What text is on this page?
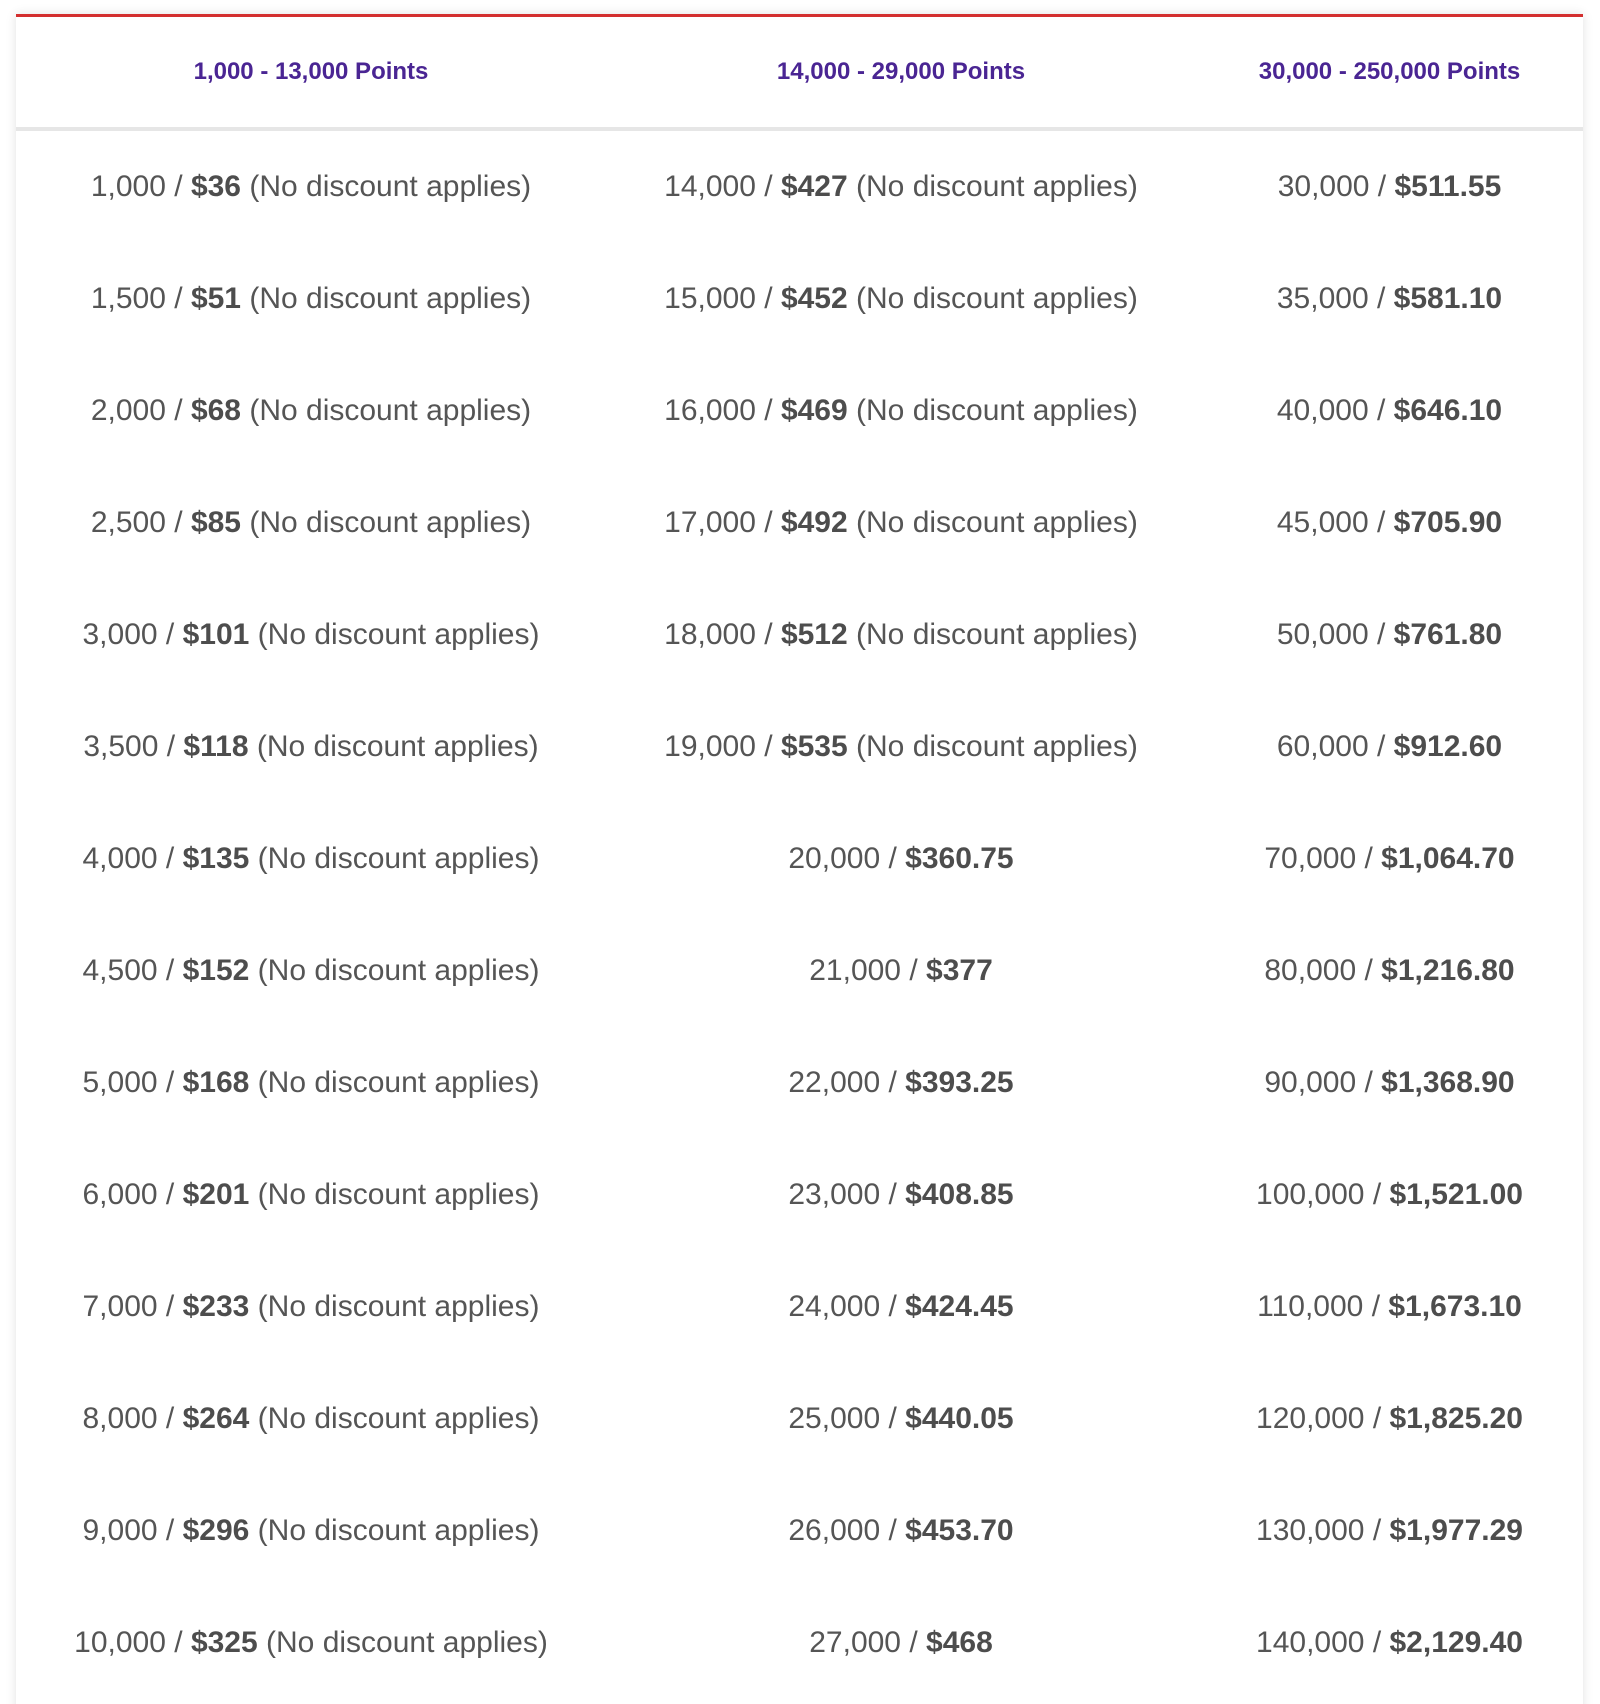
1,000 - 13,000 Points	14,000 - 29,000 Points	30,000 - 250,000 Points
1,000 / $36 (No discount applies)	14,000 / $427 (No discount applies)	30,000 / $511.55
1,500 / $51 (No discount applies)	15,000 / $452 (No discount applies)	35,000 / $581.10
2,000 / $68 (No discount applies)	16,000 / $469 (No discount applies)	40,000 / $646.10
2,500 / $85 (No discount applies)	17,000 / $492 (No discount applies)	45,000 / $705.90
3,000 / $101 (No discount applies)	18,000 / $512 (No discount applies)	50,000 / $761.80
3,500 / $118 (No discount applies)	19,000 / $535 (No discount applies)	60,000 / $912.60
4,000 / $135 (No discount applies)	20,000 / $360.75	70,000 / $1,064.70
4,500 / $152 (No discount applies)	21,000 / $377	80,000 / $1,216.80
5,000 / $168 (No discount applies)	22,000 / $393.25	90,000 / $1,368.90
6,000 / $201 (No discount applies)	23,000 / $408.85	100,000 / $1,521.00
7,000 / $233 (No discount applies)	24,000 / $424.45	110,000 / $1,673.10
8,000 / $264 (No discount applies)	25,000 / $440.05	120,000 / $1,825.20
9,000 / $296 (No discount applies)	26,000 / $453.70	130,000 / $1,977.29
10,000 / $325 (No discount applies)	27,000 / $468	140,000 / $2,129.40
